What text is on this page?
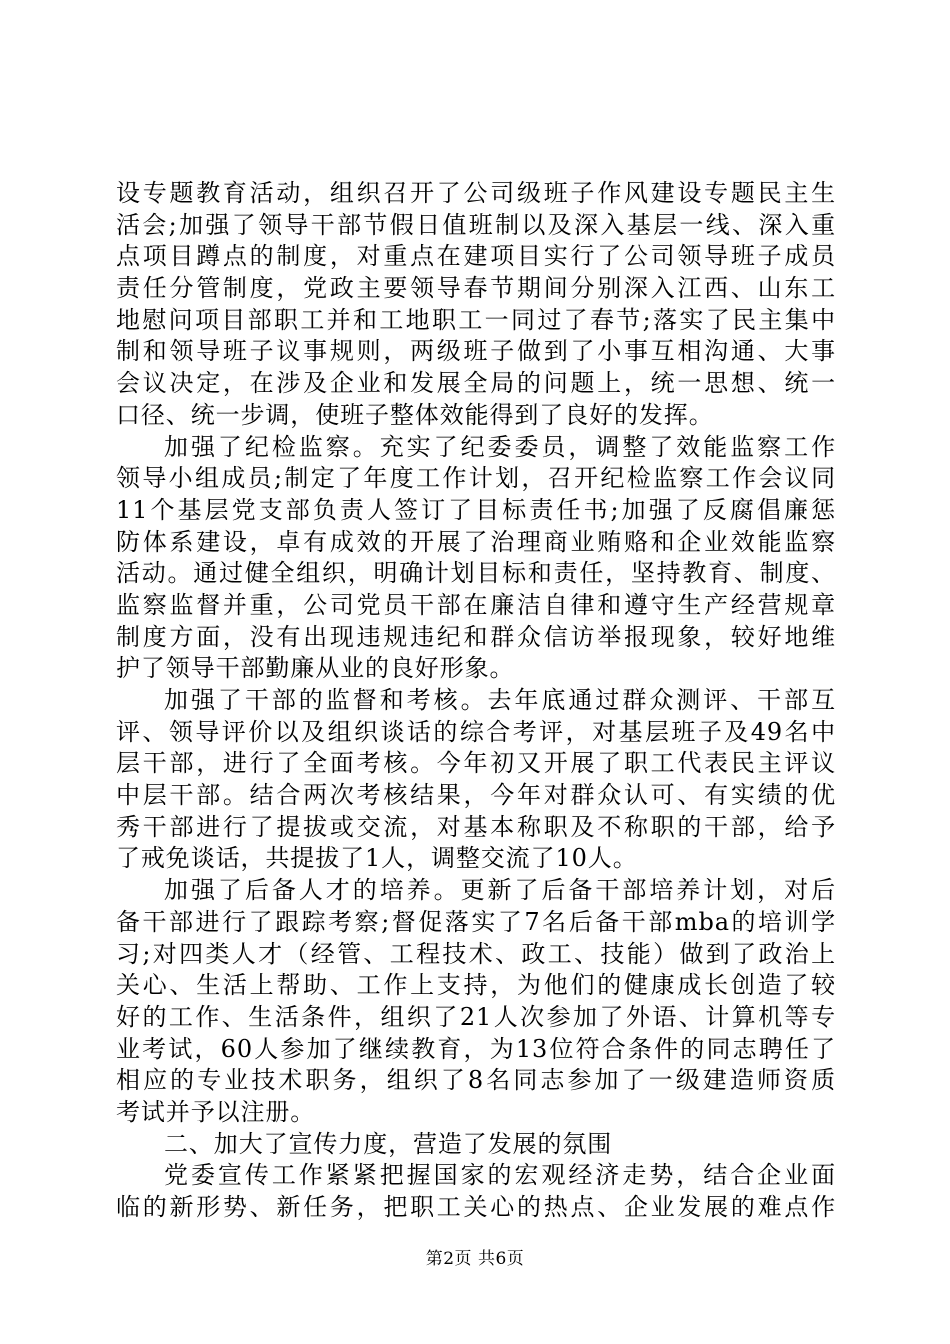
设专题教育活动，组织召开了公司级班子作风建设专题民主生
活会;加强了领导干部节假日值班制以及深入基层一线、深入重
点项目蹲点的制度，对重点在建项目实行了公司领导班子成员
责任分管制度，党政主要领导春节期间分别深入江西、山东工
地慰问项目部职工并和工地职工一同过了春节;落实了民主集中
制和领导班子议事规则，两级班子做到了小事互相沟通、大事
会议决定，在涉及企业和发展全局的问题上，统一思想、统一
口径、统一步调，使班子整体效能得到了良好的发挥。
加强了纪检监察。充实了纪委委员，调整了效能监察工作
领导小组成员;制定了年度工作计划，召开纪检监察工作会议同
11个基层党支部负责人签订了目标责任书;加强了反腐倡廉惩
防体系建设，卓有成效的开展了治理商业贿赂和企业效能监察
活动。通过健全组织，明确计划目标和责任，坚持教育、制度、
监察监督并重，公司党员干部在廉洁自律和遵守生产经营规章
制度方面，没有出现违规违纪和群众信访举报现象，较好地维
护了领导干部勤廉从业的良好形象。
加强了干部的监督和考核。去年底通过群众测评、干部互
评、领导评价以及组织谈话的综合考评，对基层班子及49名中
层干部，进行了全面考核。今年初又开展了职工代表民主评议
中层干部。结合两次考核结果，今年对群众认可、有实绩的优
秀干部进行了提拔或交流，对基本称职及不称职的干部，给予
了戒免谈话，共提拔了1人，调整交流了10人。
加强了后备人才的培养。更新了后备干部培养计划，对后
备干部进行了跟踪考察;督促落实了7名后备干部mba的培训学
习;对四类人才（经管、工程技术、政工、技能）做到了政治上
关心、生活上帮助、工作上支持，为他们的健康成长创造了较
好的工作、生活条件，组织了21人次参加了外语、计算机等专
业考试，60人参加了继续教育，为13位符合条件的同志聘任了
相应的专业技术职务，组织了8名同志参加了一级建造师资质
考试并予以注册。
二、加大了宣传力度，营造了发展的氛围
党委宣传工作紧紧把握国家的宏观经济走势，结合企业面
临的新形势、新任务，把职工关心的热点、企业发展的难点作
第2页 共6页
